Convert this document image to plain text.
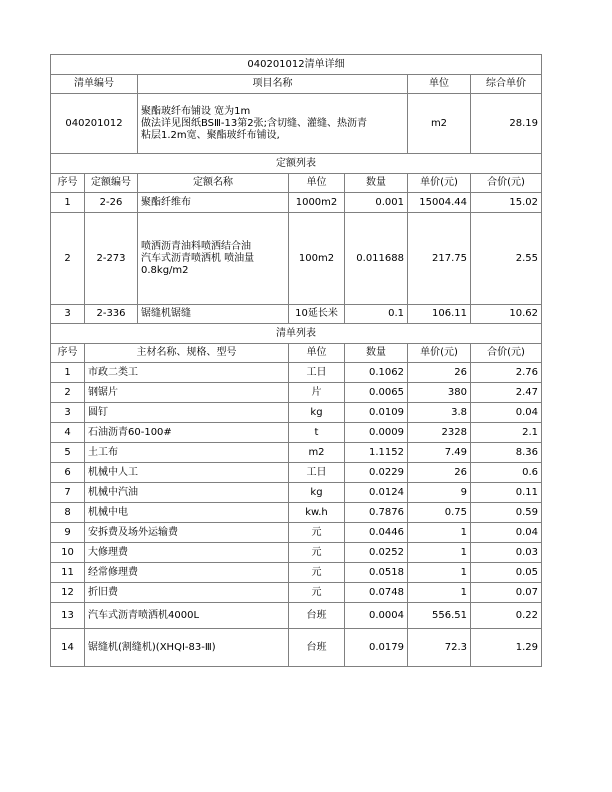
040201012清单详细						
清单编号		项目名称			单位	综合单价
040201012		聚酯玻纤布铺设 宽为1m
做法详见图纸BSⅢ-13第2张;含切缝、灌缝、热沥青
粘层1.2m宽、聚酯玻纤布铺设,			m2	28.19
定额列表						
序号	定额编号	定额名称	单位	数量	单价(元)	合价(元)
1	2-26	聚酯纤维布	1000m2	0.001	15004.44	15.02
2	2-273	喷洒沥青油料喷洒结合油
汽车式沥青喷洒机 喷油量
0.8kg/m2	100m2	0.011688	217.75	2.55
3	2-336	锯缝机锯缝	10延长米	0.1	106.11	10.62
清单列表						
序号	主材名称、规格、型号		单位	数量	单价(元)	合价(元)
1	市政二类工		工日	0.1062	26	2.76
2	钢锯片		片	0.0065	380	2.47
3	圆钉		kg	0.0109	3.8	0.04
4	石油沥青60-100#		t	0.0009	2328	2.1
5	土工布		m2	1.1152	7.49	8.36
6	机械中人工		工日	0.0229	26	0.6
7	机械中汽油		kg	0.0124	9	0.11
8	机械中电		kw.h	0.7876	0.75	0.59
9	安拆费及场外运输费		元	0.0446	1	0.04
10	大修理费		元	0.0252	1	0.03
11	经常修理费		元	0.0518	1	0.05
12	折旧费		元	0.0748	1	0.07
13	汽车式沥青喷洒机4000L		台班	0.0004	556.51	0.22
14	锯缝机(割缝机)(XHQI-83-Ⅲ)		台班	0.0179	72.3	1.29
